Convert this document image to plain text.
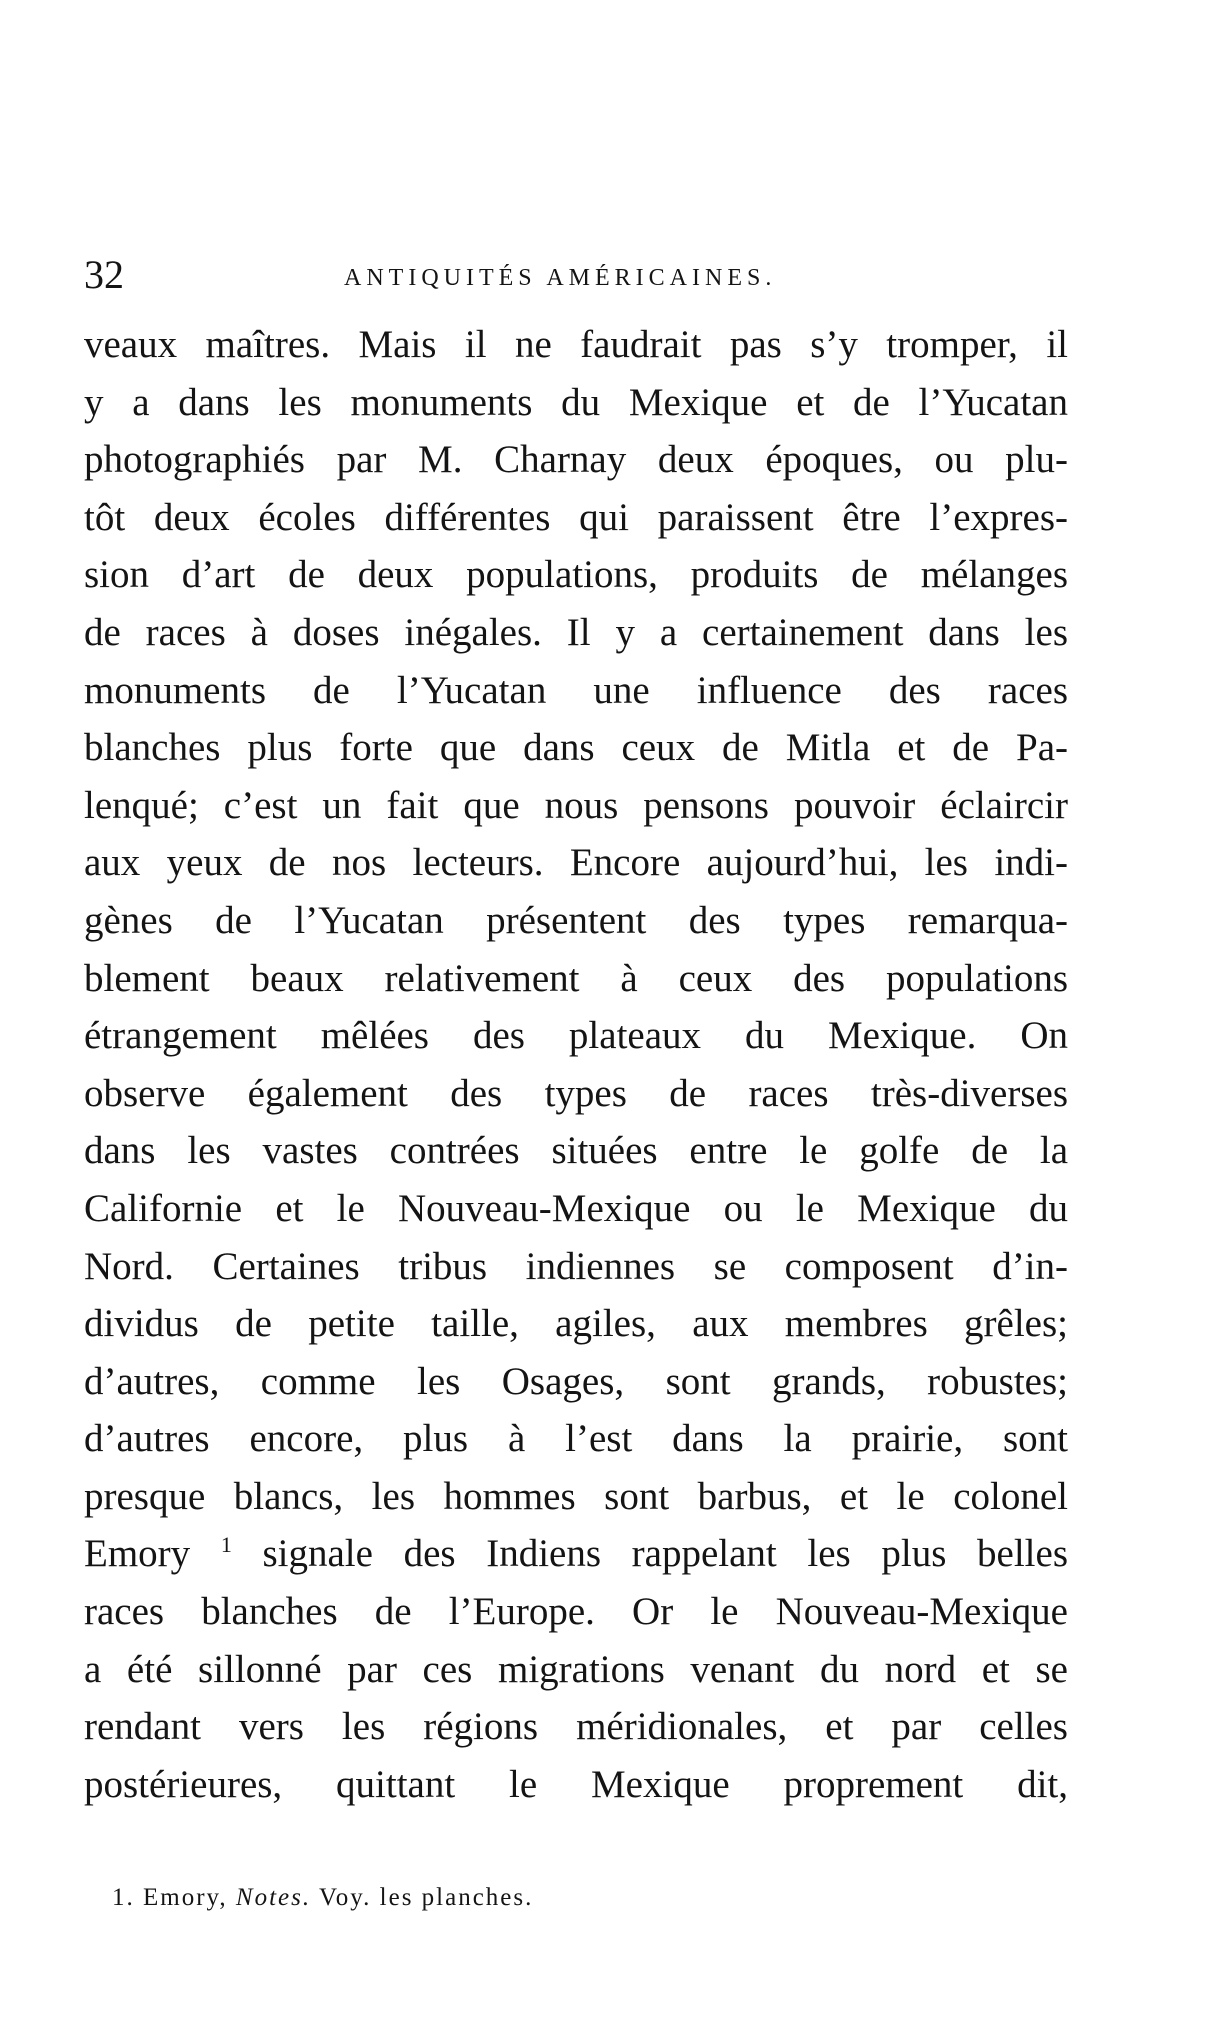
32	ANTIQUITÉS AMÉRICAINES.
veaux maîtres. Mais il ne faudrait pas s’y tromper, il
y a dans les monuments du Mexique et de l’Yucatan
photographiés par M. Charnay deux époques, ou plu-
tôt deux écoles différentes qui paraissent être l’expres-
sion d’art de deux populations, produits de mélanges
de races à doses inégales. Il y a certainement dans les
monuments de l’Yucatan une influence des races
blanches plus forte que dans ceux de Mitla et de Pa-
lenqué; c’est un fait que nous pensons pouvoir éclaircir
aux yeux de nos lecteurs. Encore aujourd’hui, les indi-
gènes de l’Yucatan présentent des types remarqua-
blement beaux relativement à ceux des populations
étrangement mêlées des plateaux du Mexique. On
observe également des types de races très-diverses
dans les vastes contrées situées entre le golfe de la
Californie et le Nouveau-Mexique ou le Mexique du
Nord. Certaines tribus indiennes se composent d’in-
dividus de petite taille, agiles, aux membres grêles;
d’autres, comme les Osages, sont grands, robustes;
d’autres encore, plus à l’est dans la prairie, sont
presque blancs, les hommes sont barbus, et le colonel
Emory $^1$ signale des Indiens rappelant les plus belles
races blanches de l’Europe. Or le Nouveau-Mexique
a été sillonné par ces migrations venant du nord et se
rendant vers les régions méridionales, et par celles
postérieures, quittant le Mexique proprement dit,
1. Emory, Notes. Voy. les planches.
